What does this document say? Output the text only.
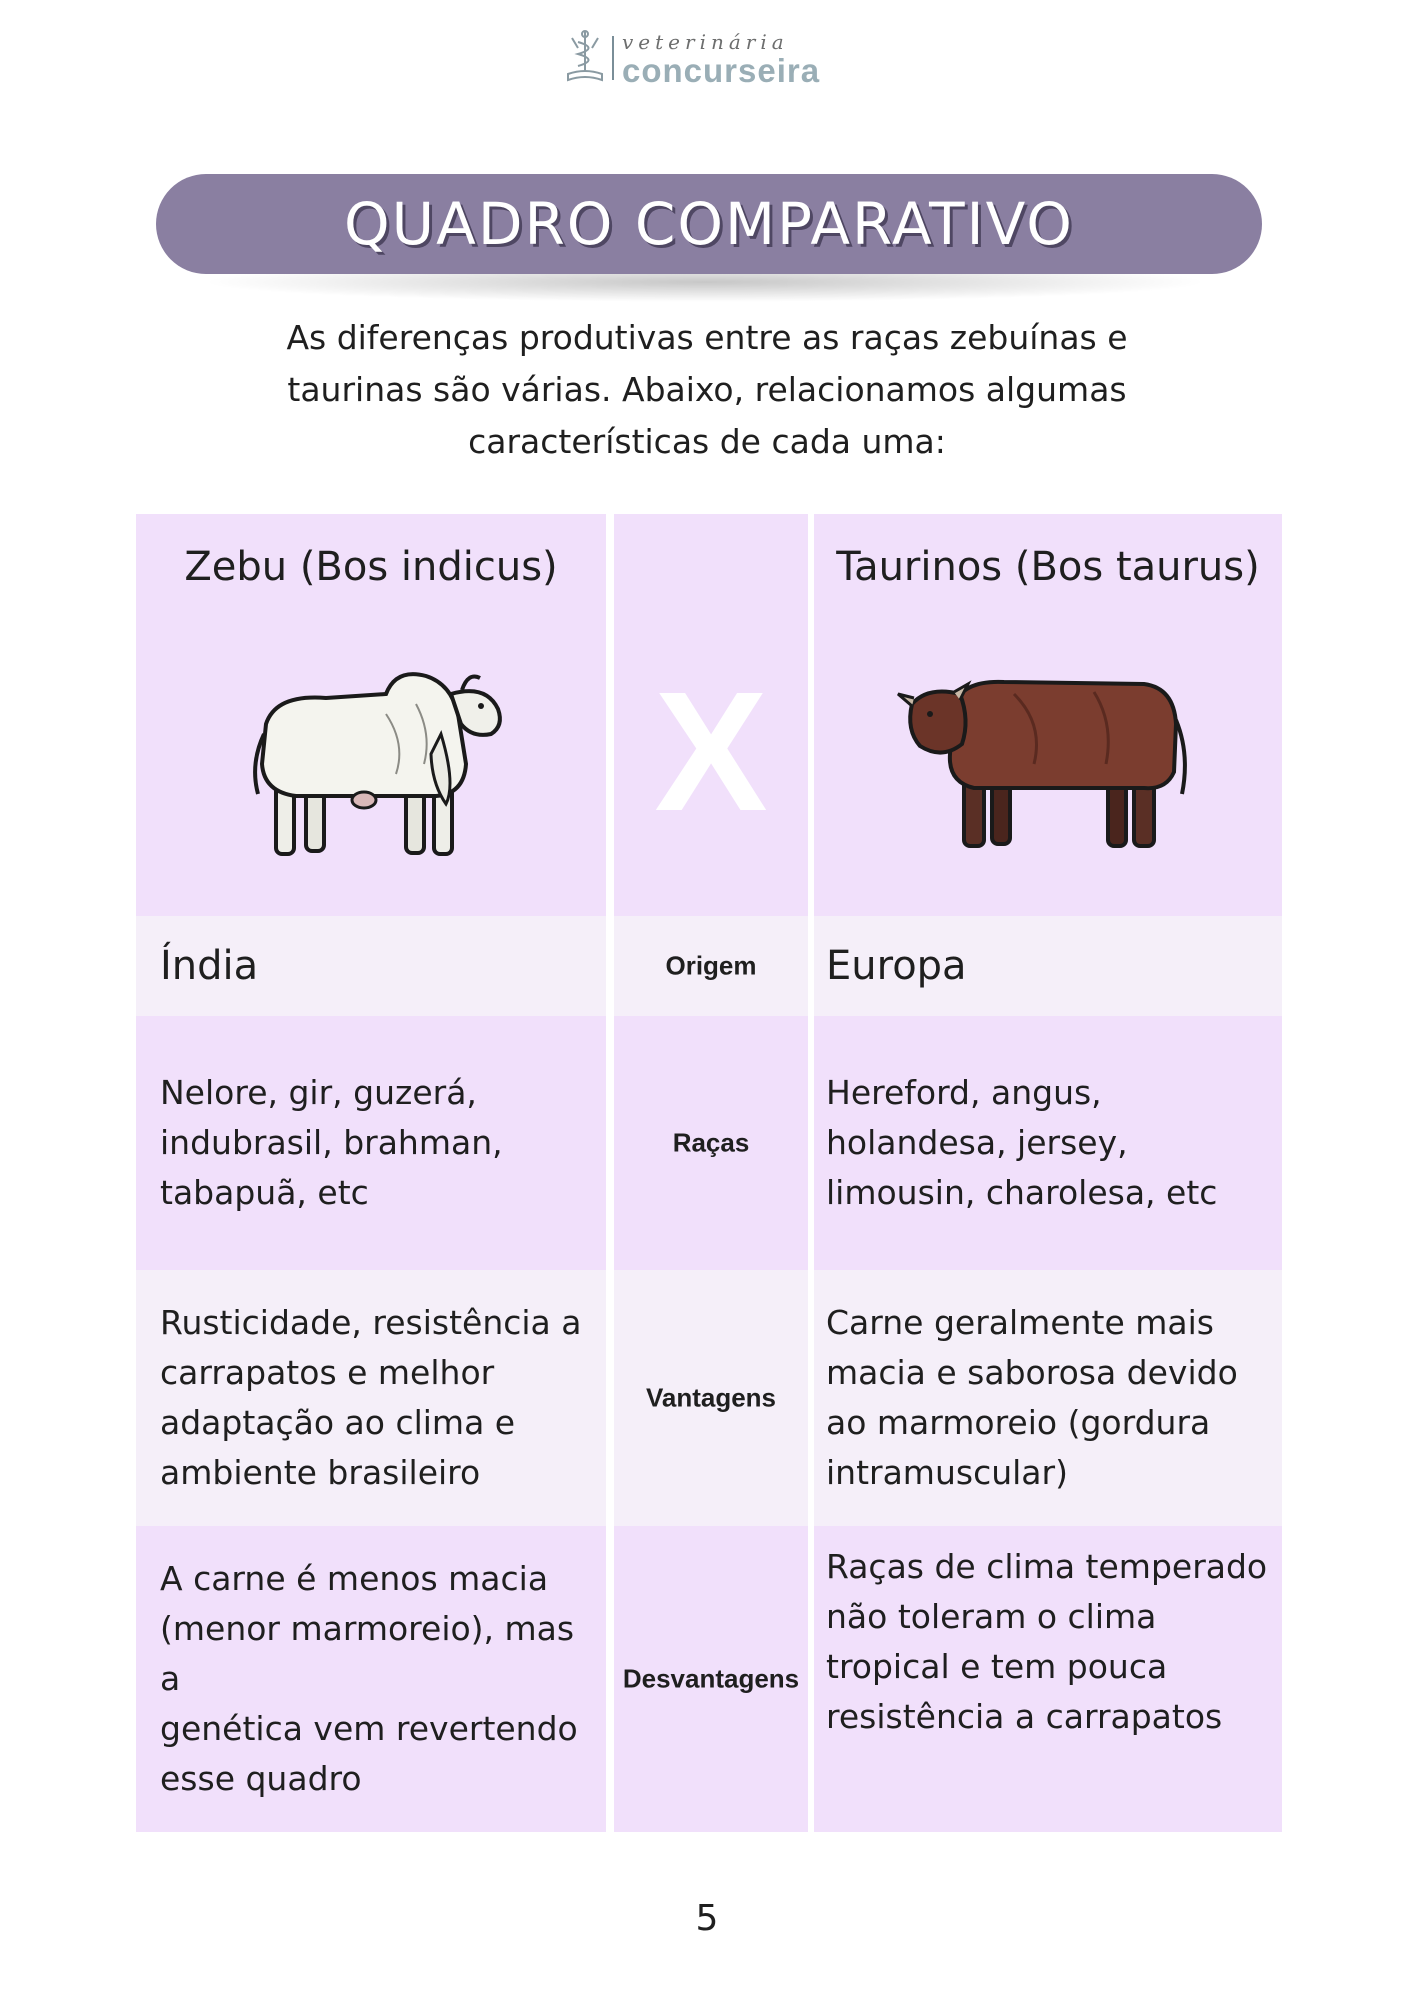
veterinária
concurseira
QUADRO COMPARATIVO
As diferenças produtivas entre as raças zebuínas e
taurinas são várias. Abaixo, relacionamos algumas
características de cada uma:
Zebu (Bos indicus)
X
Taurinos (Bos taurus)
Índia	Origem	Europa
Nelore, gir, guzerá,
indubrasil, brahman,
tabapuã, etc
Raças
Hereford, angus,
holandesa, jersey,
limousin, charolesa, etc
Rusticidade, resistência a
carrapatos e melhor
adaptação ao clima e
ambiente brasileiro
Vantagens
Carne geralmente mais
macia e saborosa devido
ao marmoreio (gordura
intramuscular)
A carne é menos macia
(menor marmoreio), mas a
genética vem revertendo
esse quadro
Desvantagens
Raças de clima temperado
não toleram o clima
tropical e tem pouca
resistência a carrapatos
5
